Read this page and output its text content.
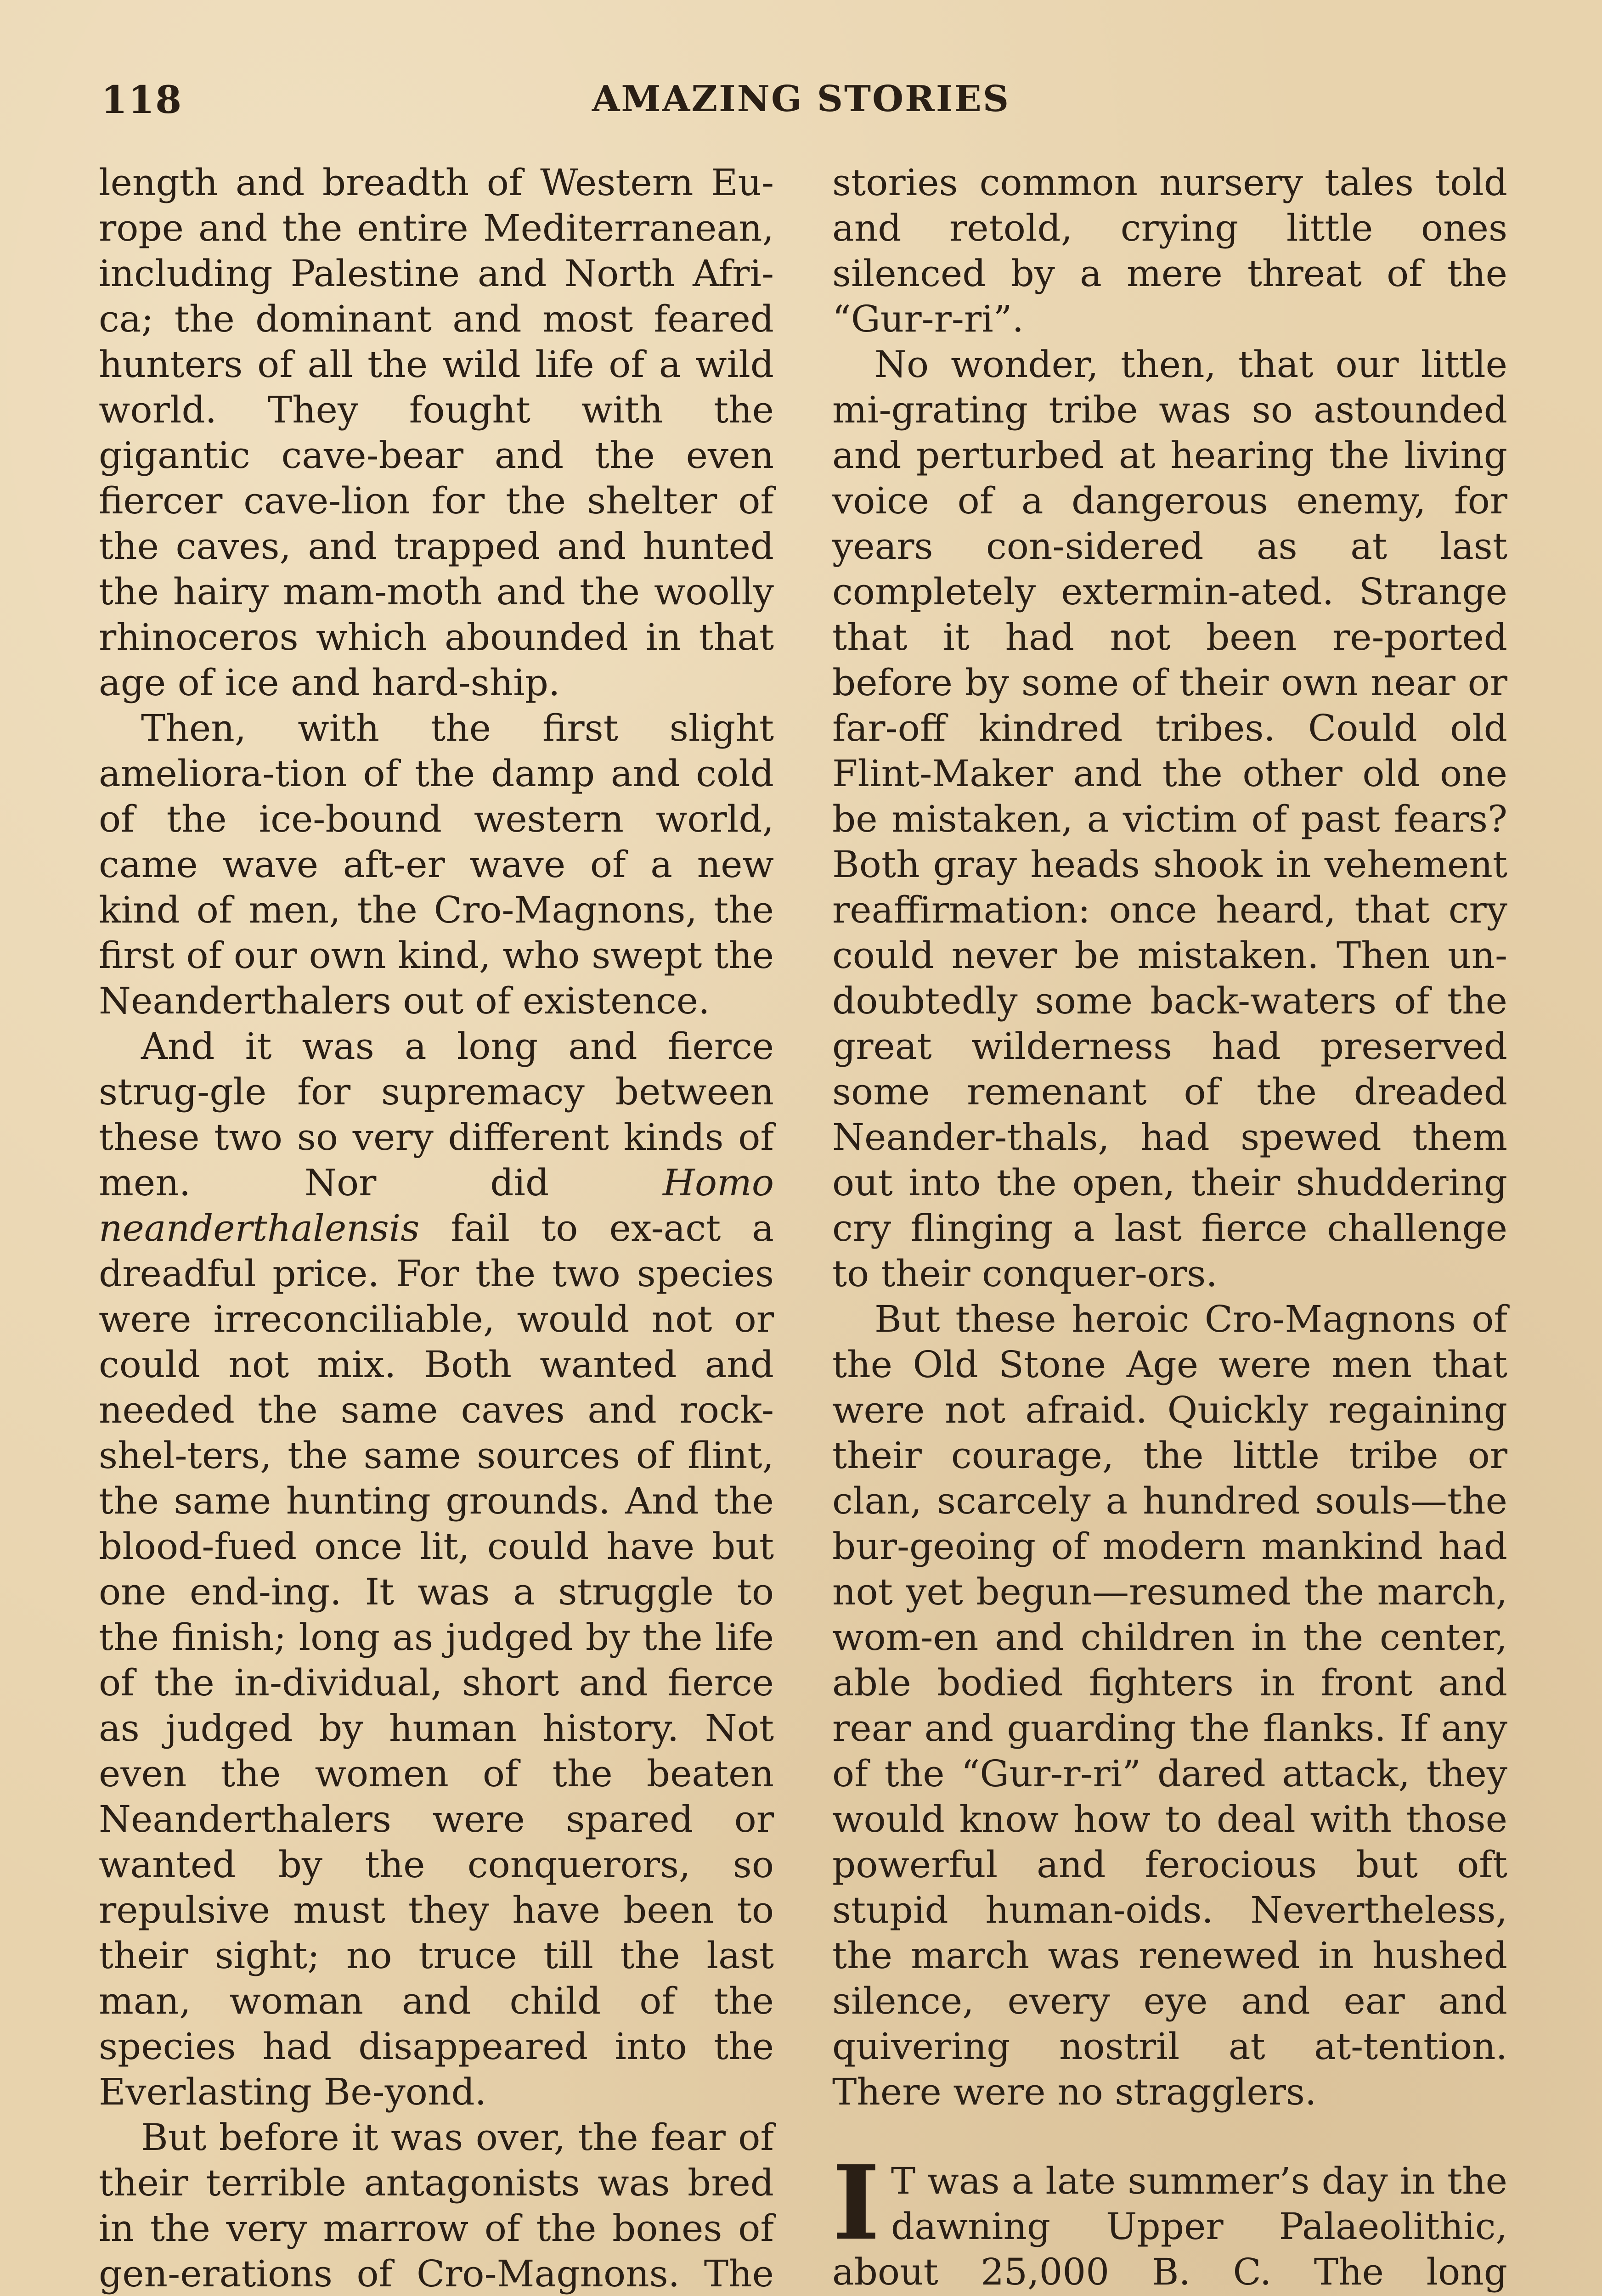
118	AMAZING STORIES

length and breadth of Western Eu-rope and the entire Mediterranean, including Palestine and North Afri-ca; the dominant and most feared hunters of all the wild life of a wild world. They fought with the gigantic cave-bear and the even fiercer cave-lion for the shelter of the caves, and trapped and hunted the hairy mam-moth and the woolly rhinoceros which abounded in that age of ice and hard-ship.

Then, with the first slight ameliora-tion of the damp and cold of the ice-bound western world, came wave aft-er wave of a new kind of men, the Cro-Magnons, the first of our own kind, who swept the Neanderthalers out of existence.

And it was a long and fierce strug-gle for supremacy between these two so very different kinds of men. Nor did Homo neanderthalensis fail to ex-act a dreadful price. For the two species were irreconciliable, would not or could not mix. Both wanted and needed the same caves and rock-shel-ters, the same sources of flint, the same hunting grounds. And the blood-fued once lit, could have but one end-ing. It was a struggle to the finish; long as judged by the life of the in-dividual, short and fierce as judged by human history. Not even the women of the beaten Neanderthalers were spared or wanted by the conquerors, so repulsive must they have been to their sight; no truce till the last man, woman and child of the species had disappeared into the Everlasting Be-yond.

But before it was over, the fear of their terrible antagonists was bred in the very marrow of the bones of gen-erations of Cro-Magnons. The

stories common nursery tales told and retold, crying little ones silenced by a mere threat of the “Gur-r-ri”.

No wonder, then, that our little mi-grating tribe was so astounded and perturbed at hearing the living voice of a dangerous enemy, for years con-sidered as at last completely extermin-ated. Strange that it had not been re-ported before by some of their own near or far-off kindred tribes. Could old Flint-Maker and the other old one be mistaken, a victim of past fears? Both gray heads shook in vehement reaffirmation: once heard, that cry could never be mistaken. Then un-doubtedly some back-waters of the great wilderness had preserved some remenant of the dreaded Neander-thals, had spewed them out into the open, their shuddering cry flinging a last fierce challenge to their conquer-ors.

But these heroic Cro-Magnons of the Old Stone Age were men that were not afraid. Quickly regaining their courage, the little tribe or clan, scarcely a hundred souls—the bur-geoing of modern mankind had not yet begun—resumed the march, wom-en and children in the center, able bodied fighters in front and rear and guarding the flanks. If any of the “Gur-r-ri” dared attack, they would know how to deal with those powerful and ferocious but oft stupid human-oids. Nevertheless, the march was renewed in hushed silence, every eye and ear and quivering nostril at at-tention. There were no stragglers.

I T was a late summer’s day in the dawning Upper Palaeolithic, about 25,000 B. C. The long
